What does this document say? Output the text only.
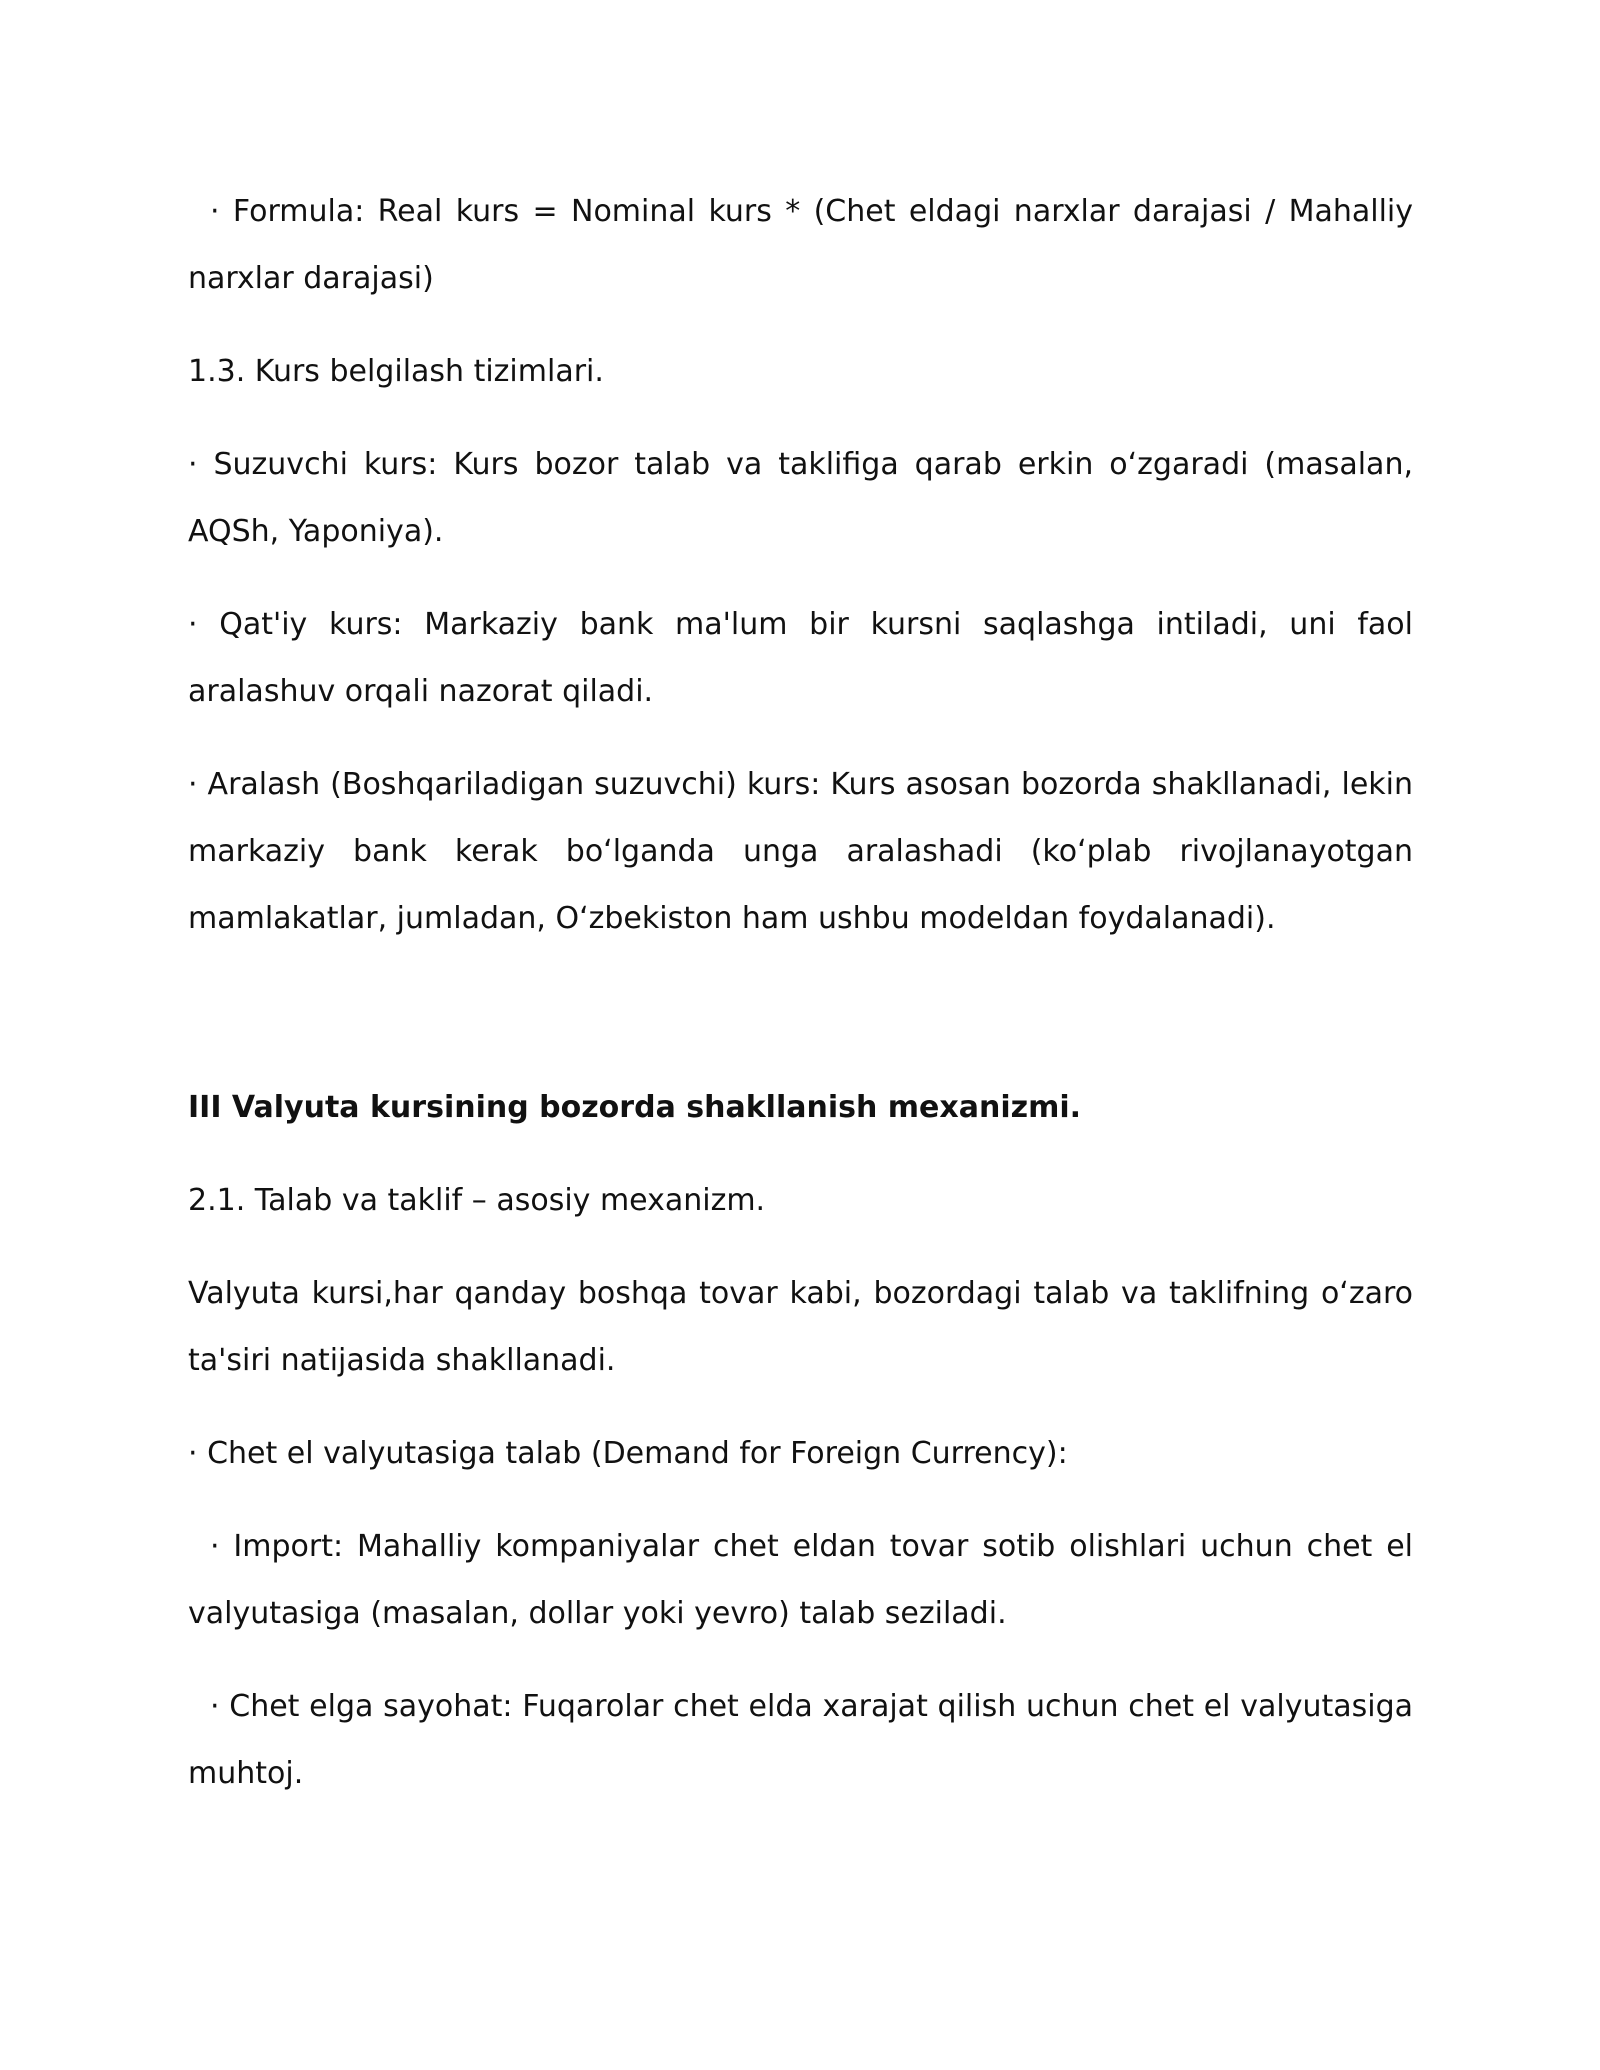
· Formula: Real kurs = Nominal kurs * (Chet eldagi narxlar darajasi / Mahalliy narxlar darajasi)

1.3. Kurs belgilash tizimlari.

· Suzuvchi kurs: Kurs bozor talab va taklifiga qarab erkin o‘zgaradi (masalan, AQSh, Yaponiya).

· Qat'iy kurs: Markaziy bank ma'lum bir kursni saqlashga intiladi, uni faol aralashuv orqali nazorat qiladi.

· Aralash (Boshqariladigan suzuvchi) kurs: Kurs asosan bozorda shakllanadi, lekin markaziy bank kerak bo‘lganda unga aralashadi (ko‘plab rivojlanayotgan mamlakatlar, jumladan, O‘zbekiston ham ushbu modeldan foydalanadi).

III Valyuta kursining bozorda shakllanish mexanizmi.

2.1. Talab va taklif – asosiy mexanizm.

Valyuta kursi,har qanday boshqa tovar kabi, bozordagi talab va taklifning o‘zaro ta'siri natijasida shakllanadi.

· Chet el valyutasiga talab (Demand for Foreign Currency):

· Import: Mahalliy kompaniyalar chet eldan tovar sotib olishlari uchun chet el valyutasiga (masalan, dollar yoki yevro) talab seziladi.

· Chet elga sayohat: Fuqarolar chet elda xarajat qilish uchun chet el valyutasiga muhtoj.
